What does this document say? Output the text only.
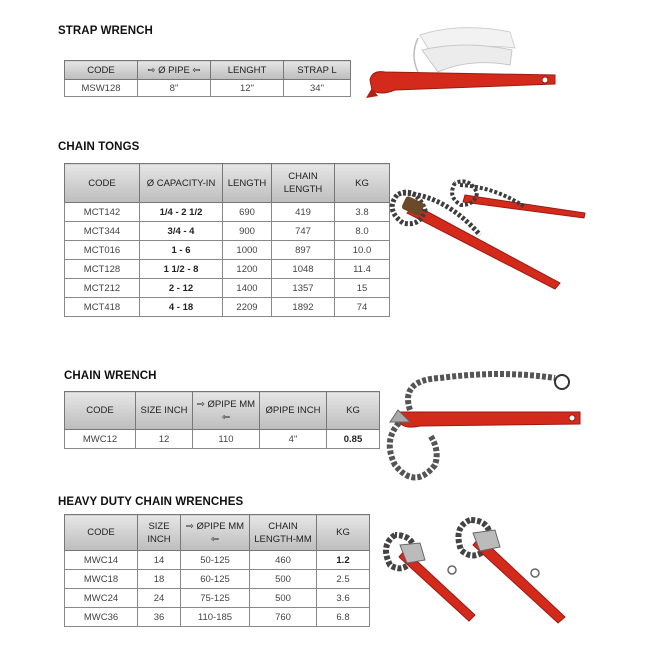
STRAP WRENCH
CODE	⇨ Ø PIPE ⇦	LENGHT	STRAP L
MSW128	8"	12"	34"
CHAIN TONGS
CODE	Ø CAPACITY-IN	LENGTH	CHAIN LENGTH	KG
MCT142	1/4 - 2 1/2	690	419	3.8
MCT344	3/4 - 4	900	747	8.0
MCT016	1 - 6	1000	897	10.0
MCT128	1 1/2 - 8	1200	1048	11.4
MCT212	2 - 12	1400	1357	15
MCT418	4 - 18	2209	1892	74
CHAIN WRENCH
CODE	SIZE INCH	⇨ ØPIPE MM ⇦	ØPIPE INCH	KG
MWC12	12	110	4"	0.85
HEAVY DUTY CHAIN WRENCHES
CODE	SIZE INCH	⇨ ØPIPE MM ⇦	CHAIN LENGTH-MM	KG
MWC14	14	50-125	460	1.2
MWC18	18	60-125	500	2.5
MWC24	24	75-125	500	3.6
MWC36	36	110-185	760	6.8
